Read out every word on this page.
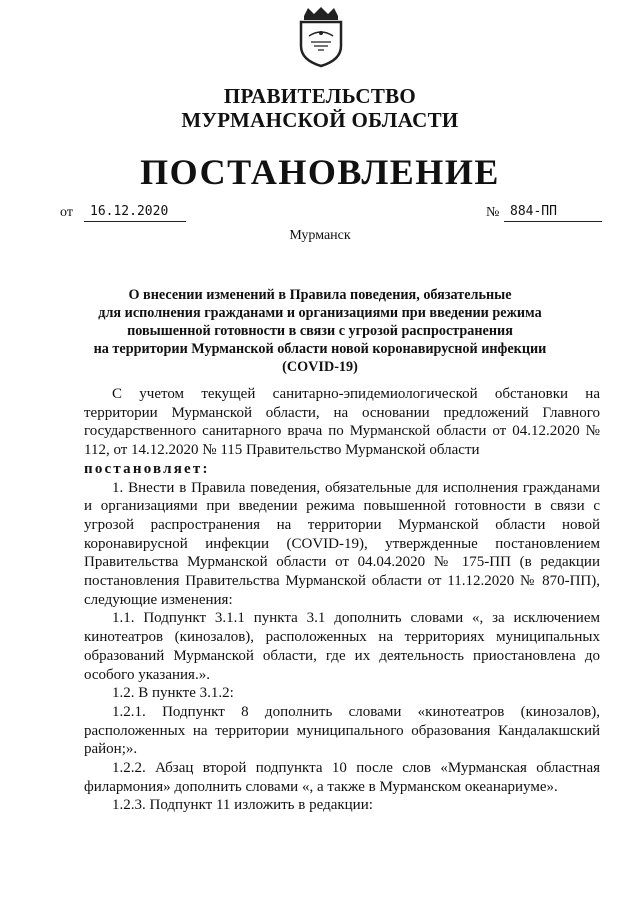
ПРАВИТЕЛЬСТВО
МУРМАНСКОЙ ОБЛАСТИ
ПОСТАНОВЛЕНИЕ
от	16.12.2020	№ 884-ПП
Мурманск
О внесении изменений в Правила поведения, обязательные
для исполнения гражданами и организациями при введении режима
повышенной готовности в связи с угрозой распространения
на территории Мурманской области новой коронавирусной инфекции
(COVID-19)

С учетом текущей санитарно-эпидемиологической обстановки на территории Мурманской области, на основании предложений Главного государственного санитарного врача по Мурманской области от 04.12.2020 № 112, от 14.12.2020 № 115 Правительство Мурманской области

постановляет:

1. Внести в Правила поведения, обязательные для исполнения гражданами и организациями при введении режима повышенной готовности в связи с угрозой распространения на территории Мурманской области новой коронавирусной инфекции (COVID-19), утвержденные постановлением Правительства Мурманской области от 04.04.2020 № 175-ПП (в редакции постановления Правительства Мурманской области от 11.12.2020 № 870-ПП), следующие изменения:

1.1. Подпункт 3.1.1 пункта 3.1 дополнить словами «, за исключением кинотеатров (кинозалов), расположенных на территориях муниципальных образований Мурманской области, где их деятельность приостановлена до особого указания.».

1.2. В пункте 3.1.2:

1.2.1. Подпункт 8 дополнить словами «кинотеатров (кинозалов), расположенных на территории муниципального образования Кандалакшский район;».

1.2.2. Абзац второй подпункта 10 после слов «Мурманская областная филармония» дополнить словами «, а также в Мурманском океанариуме».

1.2.3. Подпункт 11 изложить в редакции:
